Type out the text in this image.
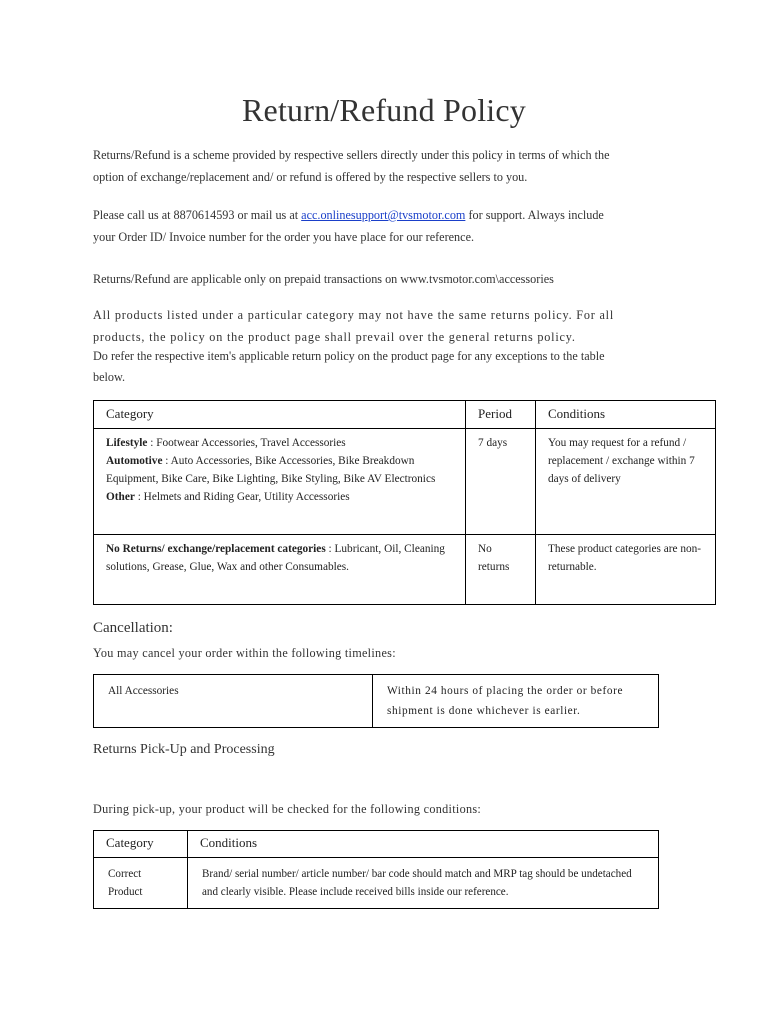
Return/Refund Policy
Returns/Refund is a scheme provided by respective sellers directly under this policy in terms of which the
option of exchange/replacement and/ or refund is offered by the respective sellers to you.
Please call us at 8870614593 or mail us at acc.onlinesupport@tvsmotor.com for support. Always include
your Order ID/ Invoice number for the order you have place for our reference.
Returns/Refund are applicable only on prepaid transactions on www.tvsmotor.com\accessories
All products listed under a particular category may not have the same returns policy. For all
products, the policy on the product page shall prevail over the general returns policy.
Do refer the respective item's applicable return policy on the product page for any exceptions to the table
below.
Category	Period	Conditions

Lifestyle : Footwear Accessories, Travel Accessories
Automotive : Auto Accessories, Bike Accessories, Bike Breakdown Equipment, Bike Care, Bike Lighting, Bike Styling, Bike AV Electronics
Other : Helmets and Riding Gear, Utility Accessories	7 days	You may request for a refund / replacement / exchange within 7 days of delivery
No Returns/ exchange/replacement categories : Lubricant, Oil, Cleaning solutions, Grease, Glue, Wax and other Consumables.	No returns	These product categories are non-returnable.
Cancellation:
You may cancel your order within the following timelines:
All Accessories	Within 24 hours of placing the order or before shipment is done whichever is earlier.
Returns Pick-Up and Processing
During pick-up, your product will be checked for the following conditions:
Category	Conditions
Correct Product	Brand/ serial number/ article number/ bar code should match and MRP tag should be undetached and clearly visible. Please include received bills inside our reference.
